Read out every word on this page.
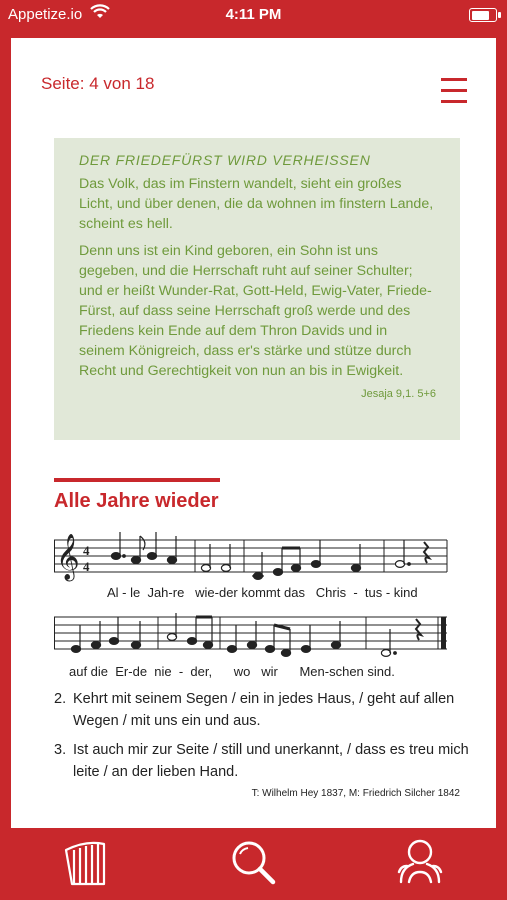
Appetize.io	4:11 PM
Seite: 4 von 18
DER FRIEDEFÜRST WIRD VERHEISSEN

Das Volk, das im Finstern wandelt, sieht ein großes Licht, und über denen, die da wohnen im finstern Lande, scheint es hell.

Denn uns ist ein Kind geboren, ein Sohn ist uns gegeben, und die Herrschaft ruht auf seiner Schulter; und er heißt Wunder-Rat, Gott-Held, Ewig-Vater, Friede-Fürst, auf dass seine Herrschaft groß werde und des Friedens kein Ende auf dem Thron Davids und in seinem Königreich, dass er's stärke und stütze durch Recht und Gerechtigkeit von nun an bis in Ewigkeit.

Jesaja 9,1. 5+6
Alle Jahre wieder
𝄞 4
4
Al - le  Jah-re   wie-der kommt das   Chris  -  tus - kind
auf die  Er-de  nie  -  der,      wo   wir      Men-schen sind.
2. Kehrt mit seinem Segen / ein in jedes Haus, / geht auf allen Wegen / mit uns ein und aus.
3. Ist auch mir zur Seite / still und unerkannt, / dass es treu mich leite / an der lieben Hand.
T: Wilhelm Hey 1837, M: Friedrich Silcher 1842
